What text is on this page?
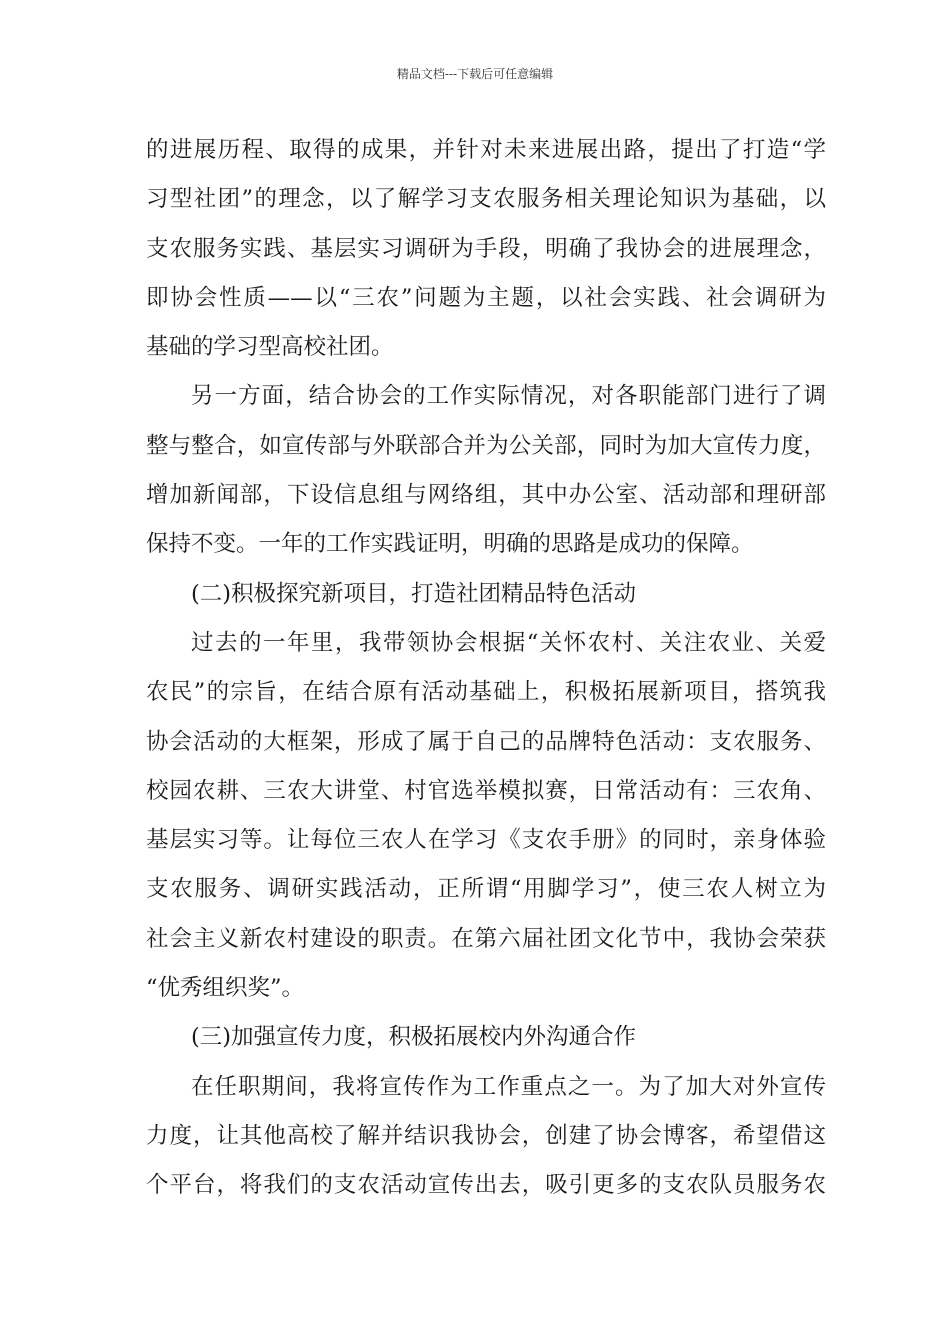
精品文档---下载后可任意编辑
的进展历程、取得的成果，并针对未来进展出路，提出了打造“学
习型社团”的理念，以了解学习支农服务相关理论知识为基础，以
支农服务实践、基层实习调研为手段，明确了我协会的进展理念，
即协会性质——以“三农”问题为主题，以社会实践、社会调研为
基础的学习型高校社团。
另一方面，结合协会的工作实际情况，对各职能部门进行了调
整与整合，如宣传部与外联部合并为公关部，同时为加大宣传力度，
增加新闻部，下设信息组与网络组，其中办公室、活动部和理研部
保持不变。一年的工作实践证明，明确的思路是成功的保障。
(二)积极探究新项目，打造社团精品特色活动
过去的一年里，我带领协会根据“关怀农村、关注农业、关爱
农民”的宗旨，在结合原有活动基础上，积极拓展新项目，搭筑我
协会活动的大框架，形成了属于自己的品牌特色活动：支农服务、
校园农耕、三农大讲堂、村官选举模拟赛，日常活动有：三农角、
基层实习等。让每位三农人在学习《支农手册》的同时，亲身体验
支农服务、调研实践活动，正所谓“用脚学习”，使三农人树立为
社会主义新农村建设的职责。在第六届社团文化节中，我协会荣获
“优秀组织奖”。
(三)加强宣传力度，积极拓展校内外沟通合作
在任职期间，我将宣传作为工作重点之一。为了加大对外宣传
力度，让其他高校了解并结识我协会，创建了协会博客，希望借这
个平台，将我们的支农活动宣传出去，吸引更多的支农队员服务农
